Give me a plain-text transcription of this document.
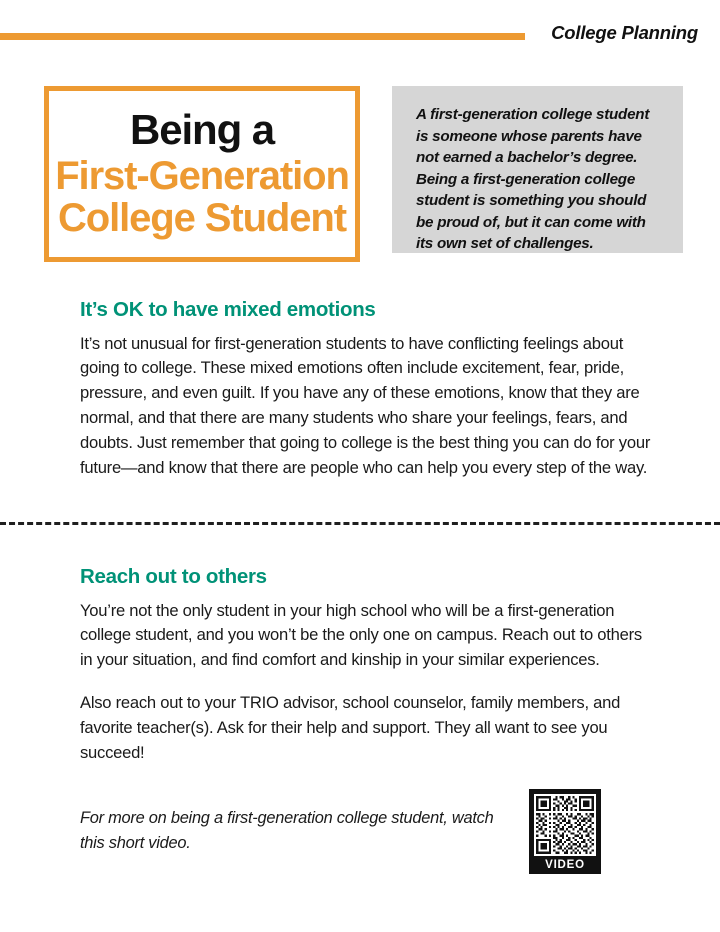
College Planning
Being a
First-Generation
College Student
A first-generation college student is someone whose parents have not earned a bachelor’s degree. Being a first-generation college student is something you should be proud of, but it can come with its own set of challenges.
It’s OK to have mixed emotions

It’s not unusual for first-generation students to have conflicting feelings about going to college. These mixed emotions often include excitement, fear, pride, pressure, and even guilt. If you have any of these emotions, know that they are normal, and that there are many students who share your feelings, fears, and doubts. Just remember that going to college is the best thing you can do for your future—and know that there are people who can help you every step of the way.

Reach out to others

You’re not the only student in your high school who will be a first-generation college student, and you won’t be the only one on campus. Reach out to others in your situation, and find comfort and kinship in your similar experiences.

Also reach out to your TRIO advisor, school counselor, family members, and favorite teacher(s). Ask for their help and support. They all want to see you succeed!

For more on being a first-generation college student, watch this short video.
VIDEO
